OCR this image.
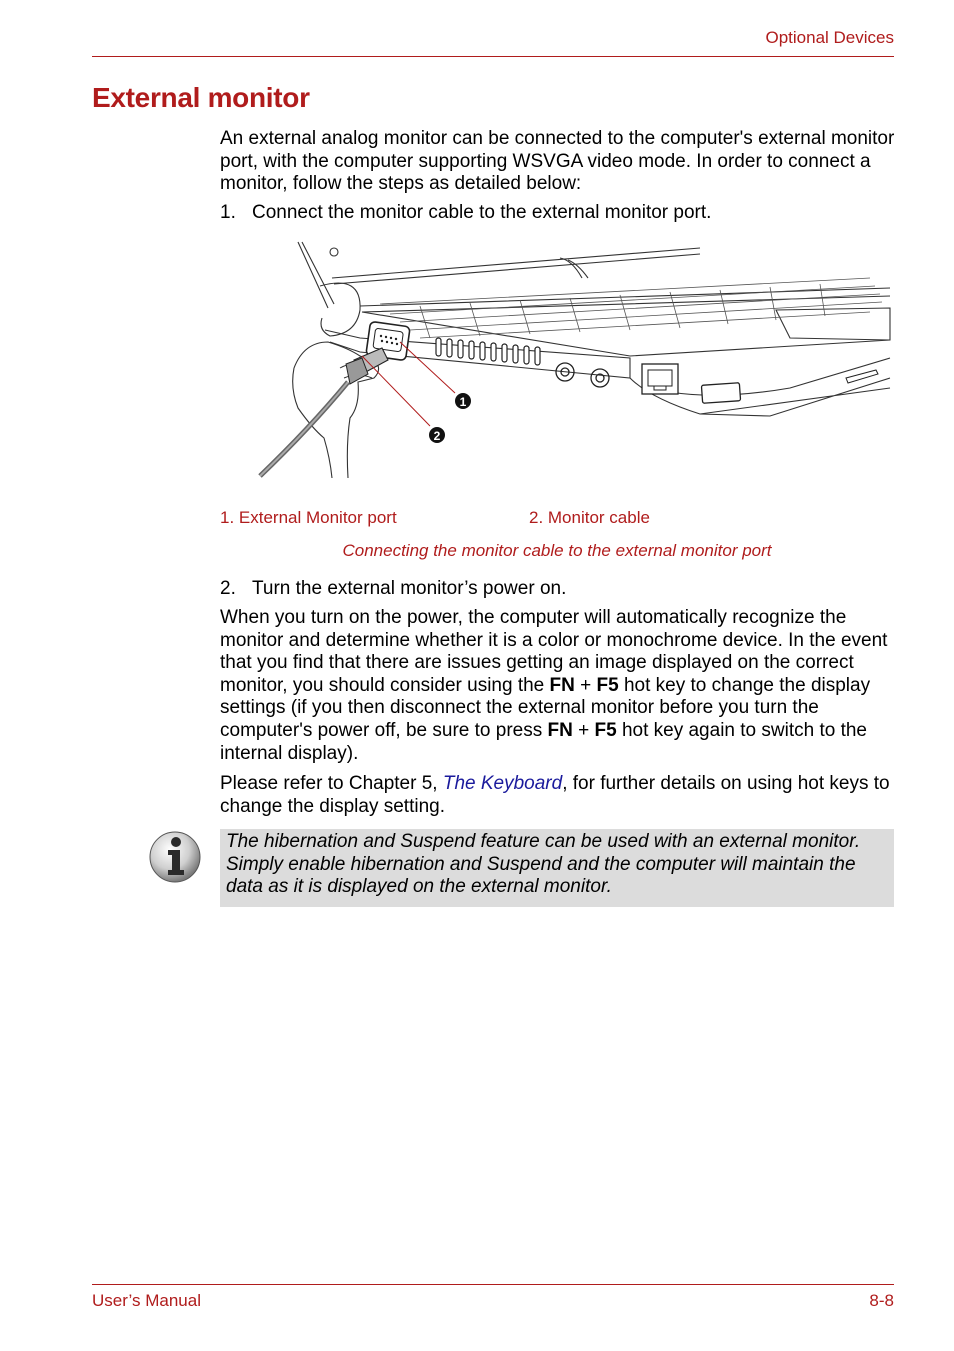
Optional Devices
External monitor
An external analog monitor can be connected to the computer's external monitor port, with the computer supporting WSVGA video mode. In order to connect a monitor, follow the steps as detailed below:
1. Connect the monitor cable to the external monitor port.
1
2
1. External Monitor port	2. Monitor cable
Connecting the monitor cable to the external monitor port
2. Turn the external monitor’s power on.
When you turn on the power, the computer will automatically recognize the monitor and determine whether it is a color or monochrome device. In the event that you find that there are issues getting an image displayed on the correct monitor, you should consider using the FN + F5 hot key to change the display settings (if you then disconnect the external monitor before you turn the computer's power off, be sure to press FN + F5 hot key again to switch to the internal display).
Please refer to Chapter 5, The Keyboard, for further details on using hot keys to change the display setting.
The hibernation and Suspend feature can be used with an external monitor. Simply enable hibernation and Suspend and the computer will maintain the data as it is displayed on the external monitor.
User’s Manual	8-8
